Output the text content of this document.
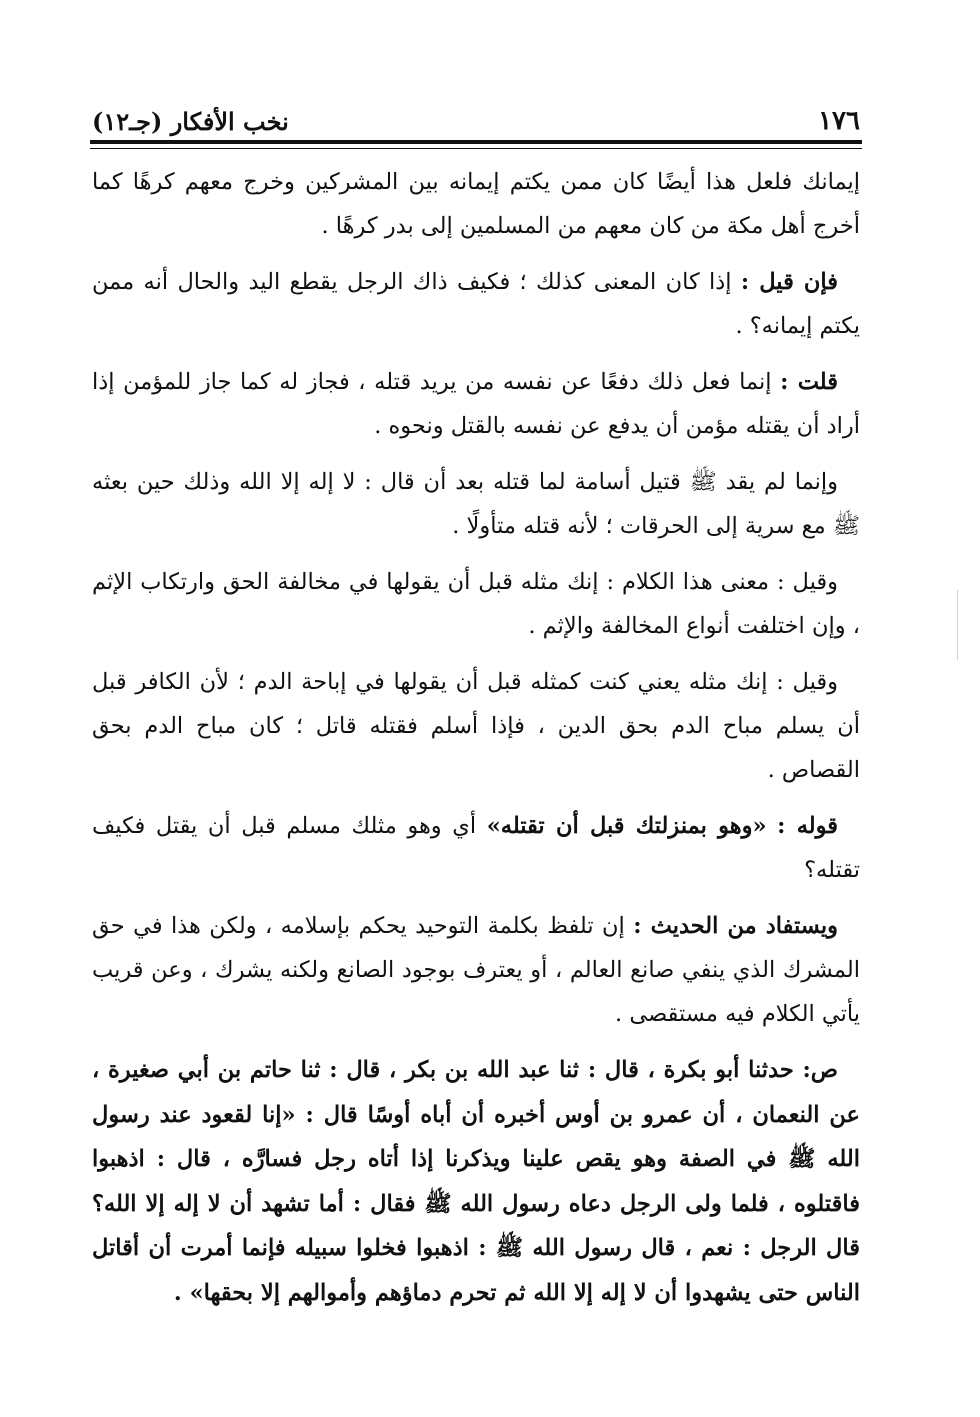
١٧٦
نخب الأفكار (جـ١٢)

إيمانك فلعل هذا أيضًا كان ممن يكتم إيمانه بين المشركين وخرج معهم كرهًا كما أخرج أهل مكة من كان معهم من المسلمين إلى بدر كرهًا .

فإن قيل : إذا كان المعنى كذلك ؛ فكيف ذاك الرجل يقطع اليد والحال أنه ممن يكتم إيمانه؟ .

قلت : إنما فعل ذلك دفعًا عن نفسه من يريد قتله ، فجاز له كما جاز للمؤمن إذا أراد أن يقتله مؤمن أن يدفع عن نفسه بالقتل ونحوه .

وإنما لم يقد ﷺ قتيل أسامة لما قتله بعد أن قال : لا إله إلا الله وذلك حين بعثه ﷺ مع سرية إلى الحرقات ؛ لأنه قتله متأولًا .

وقيل : معنى هذا الكلام : إنك مثله قبل أن يقولها في مخالفة الحق وارتكاب الإثم ، وإن اختلفت أنواع المخالفة والإثم .

وقيل : إنك مثله يعني كنت كمثله قبل أن يقولها في إباحة الدم ؛ لأن الكافر قبل أن يسلم مباح الدم بحق الدين ، فإذا أسلم فقتله قاتل ؛ كان مباح الدم بحق القصاص .

قوله : «وهو بمنزلتك قبل أن تقتله» أي وهو مثلك مسلم قبل أن يقتل فكيف تقتله؟

ويستفاد من الحديث : إن تلفظ بكلمة التوحيد يحكم بإسلامه ، ولكن هذا في حق المشرك الذي ينفي صانع العالم ، أو يعترف بوجود الصانع ولكنه يشرك ، وعن قريب يأتي الكلام فيه مستقصى .

ص: حدثنا أبو بكرة ، قال : ثنا عبد الله بن بكر ، قال : ثنا حاتم بن أبي صغيرة ، عن النعمان ، أن عمرو بن أوس أخبره أن أباه أوسًا قال : «إنا لقعود عند رسول الله ﷺ في الصفة وهو يقص علينا ويذكرنا إذا أتاه رجل فسارَّه ، قال : اذهبوا فاقتلوه ، فلما ولى الرجل دعاه رسول الله ﷺ فقال : أما تشهد أن لا إله إلا الله؟ قال الرجل : نعم ، قال رسول الله ﷺ : اذهبوا فخلوا سبيله فإنما أمرت أن أقاتل الناس حتى يشهدوا أن لا إله إلا الله ثم تحرم دماؤهم وأموالهم إلا بحقها» .
